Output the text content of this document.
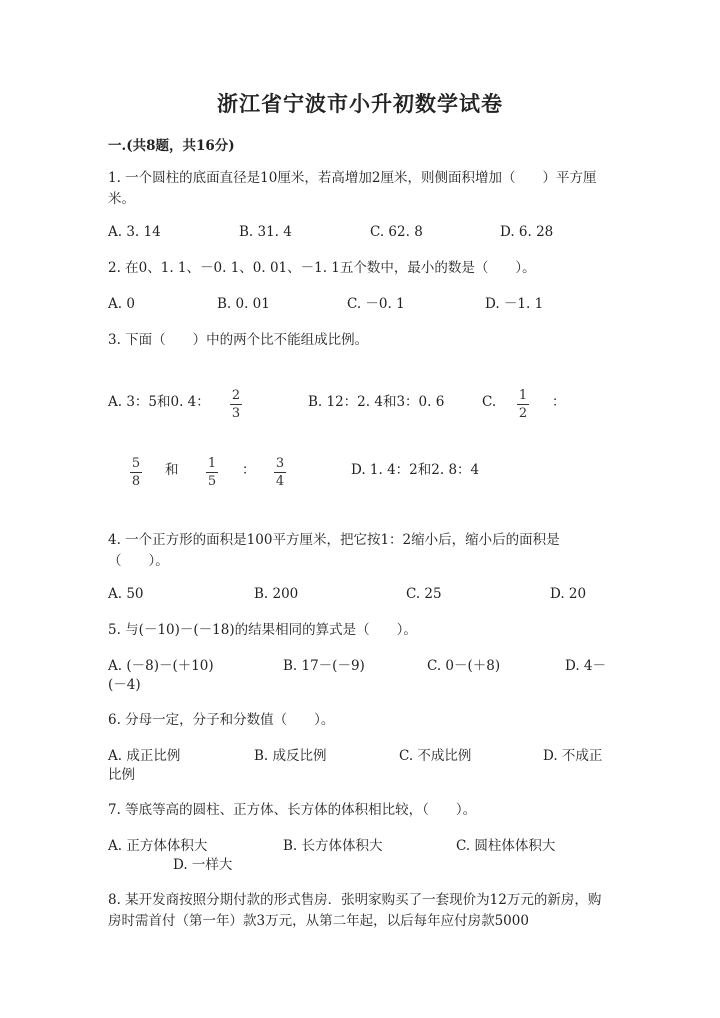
浙江省宁波市小升初数学试卷
一.(共8题，共16分)
1. 一个圆柱的底面直径是10厘米，若高增加2厘米，则侧面积增加（　　）平方厘米。
A. 3. 14	B. 31. 4	C. 62. 8	D. 6. 28
2. 在0、1. 1、－0. 1、0. 01、－1. 1五个数中，最小的数是（　　）。
A. 0	B. 0. 01	C. －0. 1	D. －1. 1
3. 下面（　　）中的两个比不能组成比例。
A. 3：5和0. 4： 2
3
B. 12：2. 4和3：0. 6	C. 1
2
：
5
8
和 1
5
： 3
4
D. 1. 4：2和2. 8：4
4. 一个正方形的面积是100平方厘米，把它按1：2缩小后，缩小后的面积是（　　）。
A. 50	B. 200	C. 25	D. 20
5. 与(－10)－(－18)的结果相同的算式是（　　）。
A. (－8)－(＋10)	B. 17－(－9)	C. 0－(＋8)	D. 4－
(－4)
6. 分母一定，分子和分数值（　　）。
A. 成正比例	B. 成反比例	C. 不成比例	D. 不成正
比例
7. 等底等高的圆柱、正方体、长方体的体积相比较，（　　）。
A. 正方体体积大	B. 长方体体积大	C. 圆柱体体积大
D. 一样大
8. 某开发商按照分期付款的形式售房．张明家购买了一套现价为12万元的新房，购房时需首付（第一年）款3万元，从第二年起，以后每年应付房款5000
